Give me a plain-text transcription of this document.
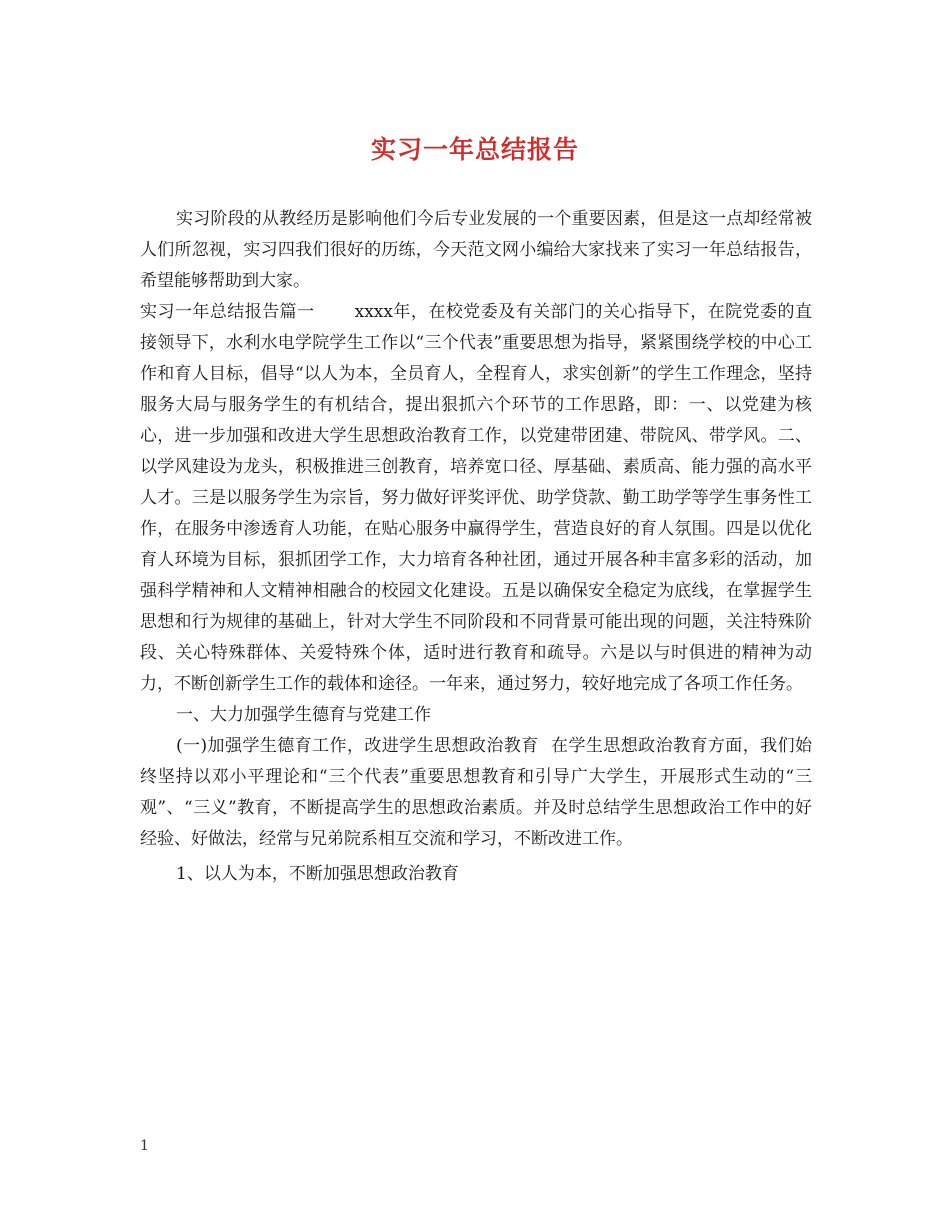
实习一年总结报告

实习阶段的从教经历是影响他们今后专业发展的一个重要因素，但是这一点却经常被人们所忽视，实习四我们很好的历练，今天范文网小编给大家找来了实习一年总结报告，希望能够帮助到大家。

实习一年总结报告篇一 xxxx年，在校党委及有关部门的关心指导下，在院党委的直接领导下，水利水电学院学生工作以“三个代表”重要思想为指导，紧紧围绕学校的中心工作和育人目标，倡导“以人为本，全员育人，全程育人，求实创新”的学生工作理念，坚持服务大局与服务学生的有机结合，提出狠抓六个环节的工作思路，即：一、以党建为核心，进一步加强和改进大学生思想政治教育工作，以党建带团建、带院风、带学风。二、以学风建设为龙头，积极推进三创教育，培养宽口径、厚基础、素质高、能力强的高水平人才。三是以服务学生为宗旨，努力做好评奖评优、助学贷款、勤工助学等学生事务性工作，在服务中渗透育人功能，在贴心服务中赢得学生，营造良好的育人氛围。四是以优化育人环境为目标，狠抓团学工作，大力培育各种社团，通过开展各种丰富多彩的活动，加强科学精神和人文精神相融合的校园文化建设。五是以确保安全稳定为底线，在掌握学生思想和行为规律的基础上，针对大学生不同阶段和不同背景可能出现的问题，关注特殊阶段、关心特殊群体、关爱特殊个体，适时进行教育和疏导。六是以与时俱进的精神为动力，不断创新学生工作的载体和途径。一年来，通过努力，较好地完成了各项工作任务。

一、大力加强学生德育与党建工作

(一)加强学生德育工作，改进学生思想政治教育 在学生思想政治教育方面，我们始终坚持以邓小平理论和“三个代表”重要思想教育和引导广大学生，开展形式生动的“三观”、“三义”教育，不断提高学生的思想政治素质。并及时总结学生思想政治工作中的好经验、好做法，经常与兄弟院系相互交流和学习，不断改进工作。

1、以人为本，不断加强思想政治教育

1
